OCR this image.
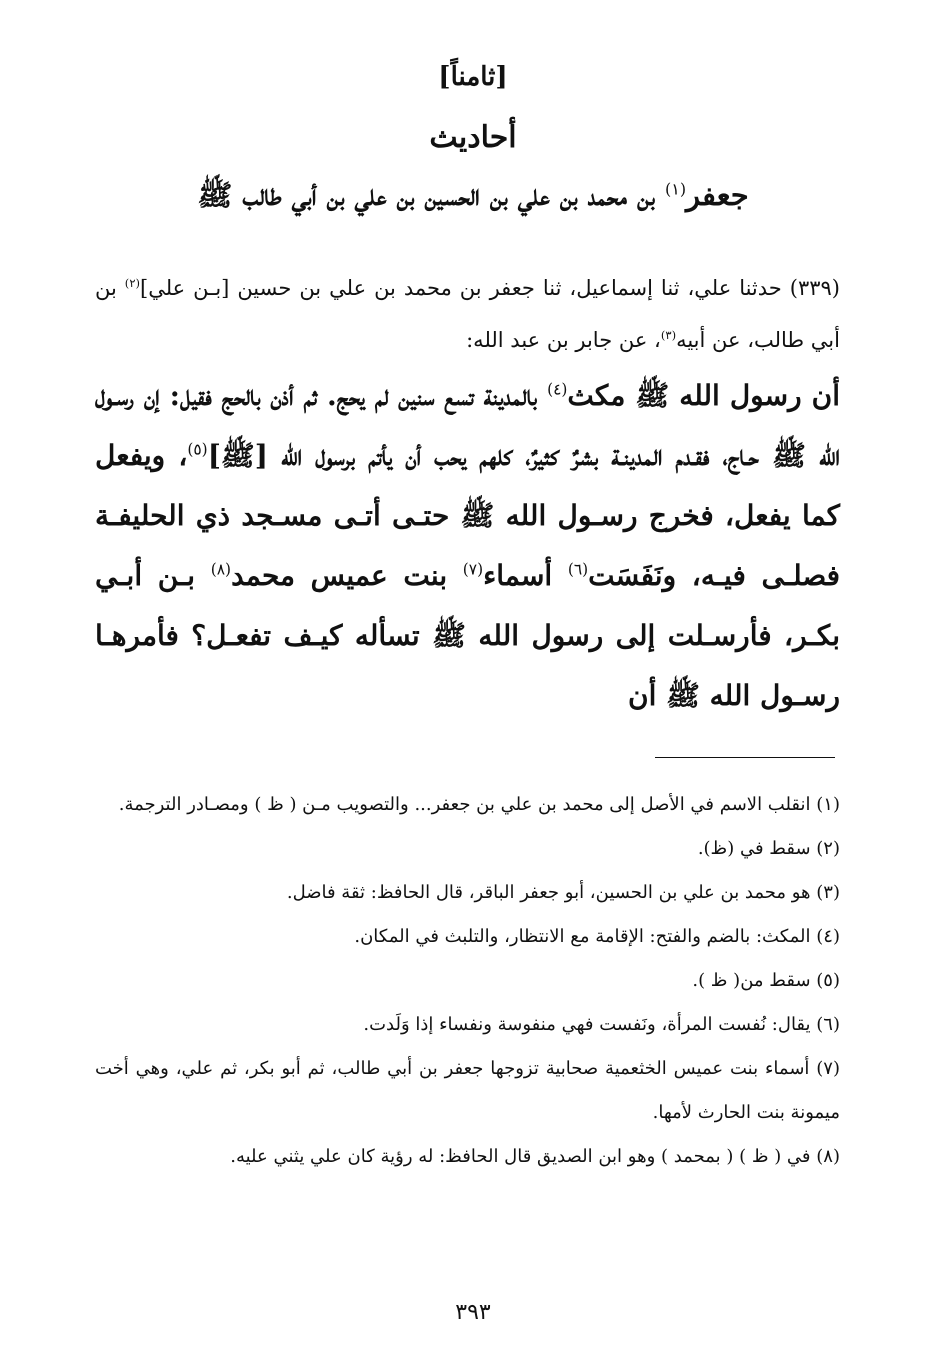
[ثامناً]
أحاديث
جعفر$^{(١)}$ بن محمد بن علي بن الحسين بن علي بن أبي طالب ﷺ
(٣٣٩) حدثنا علي، ثنا إسماعيل، ثنا جعفر بن محمد بن علي بن حسين [بـن علي]$^{(٢)}$ بن أبي طالب، عن أبيه$^{(٣)}$، عن جابر بن عبد الله:
أن رسول الله ﷺ مكث$^{(٤)}$ بالمدينة تسع سنين لم يحج. ثم أذن بالحج فقيل: إن رسـول الله ﷺ حـاج، فقـدم المدينـة بشرٌ كثيرٌ، كلهم يحب أن يأتم برسول الله [ﷺ]$^{(٥)}$، ويفعل كما يفعل، فخرج رسـول الله ﷺ حتـى أتـى مسـجد ذي الحليفـة فصلـى فيـه، ونَفَسَت$^{(٦)}$ أسماء$^{(٧)}$ بنت عميس محمد$^{(٨)}$ بـن أبـي بكـر، فأرسـلت إلى رسول الله ﷺ تسأله كيـف تفعـل؟ فأمرهـا رسـول الله ﷺ أن
(١) انقلب الاسم في الأصل إلى محمد بن علي بن جعفر... والتصويب مـن ( ظ ) ومصـادر الترجمة.
(٢) سقط في (ظ).
(٣) هو محمد بن علي بن الحسين، أبو جعفر الباقر، قال الحافظ: ثقة فاضل.
(٤) المكث: بالضم والفتح: الإقامة مع الانتظار، والتلبث في المكان.
(٥) سقط من( ظ ).
(٦) يقال: نُفست المرأة، ونَفست فهي منفوسة ونفساء إذا وَلَدت.
(٧) أسماء بنت عميس الخثعمية صحابية تزوجها جعفر بن أبي طالب، ثم أبو بكر، ثم علي، وهي أخت ميمونة بنت الحارث لأمها.
(٨) في ( ظ ) ( بمحمد ) وهو ابن الصديق قال الحافظ: له رؤية كان علي يثني عليه.
٣٩٣
